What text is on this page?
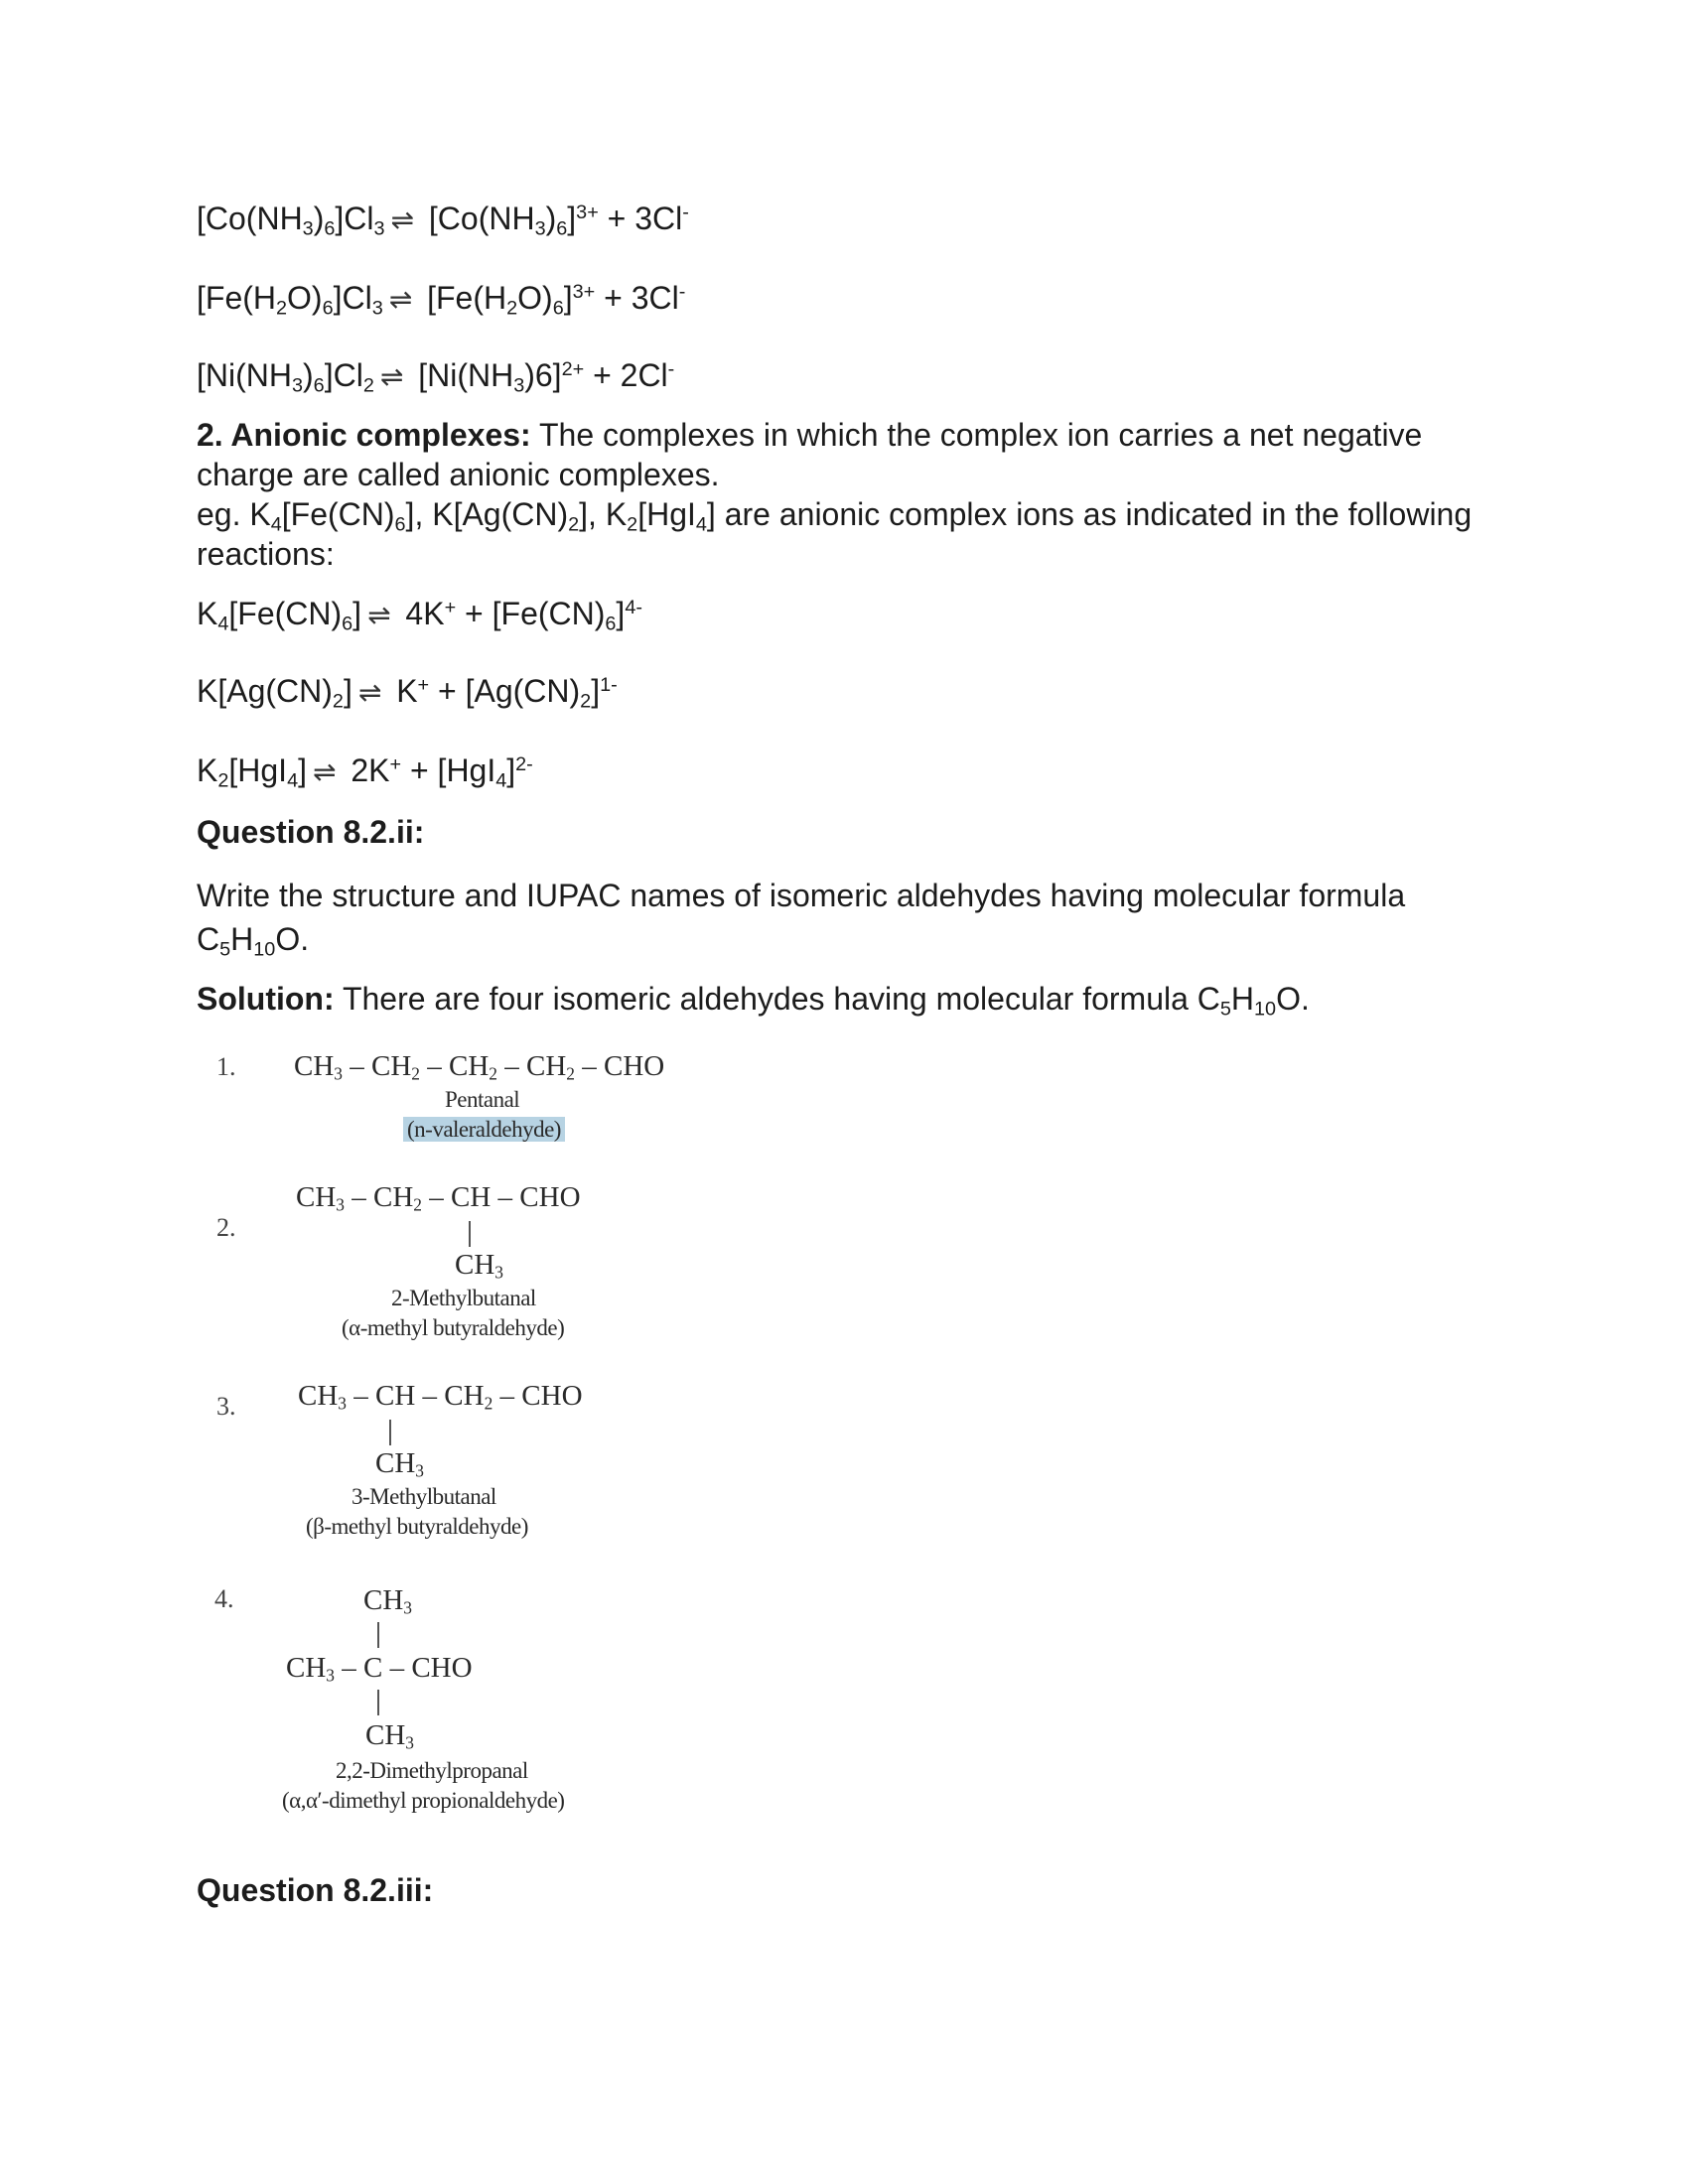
$[Co(NH_3)_6]Cl_3$ ⇌ $[Co(NH_3)_6]^{3+} + 3Cl^-$
$[Fe(H_2O)_6]Cl_3$ ⇌ $[Fe(H_2O)_6]^{3+} + 3Cl^-$
$[Ni(NH_3)_6]Cl_2$ ⇌ $[Ni(NH_3)6]^{2+} + 2Cl^-$
2. Anionic complexes: The complexes in which the complex ion carries a net negative charge are called anionic complexes.
eg. $K_4[Fe(CN)_6]$, $K[Ag(CN)_2]$, $K_2[HgI_4]$ are anionic complex ions as indicated in the following reactions:
$K_4[Fe(CN)_6]$ ⇌ $4K^+ + [Fe(CN)_6]^{4-}$
$K[Ag(CN)_2]$ ⇌ $K^+ + [Ag(CN)_2]^{1-}$
$K_2[HgI_4]$ ⇌ $2K^+ + [HgI_4]^{2-}$
Question 8.2.ii:
Write the structure and IUPAC names of isomeric aldehydes having molecular formula $C_5H_{10}O$.
Solution: There are four isomeric aldehydes having molecular formula $C_5H_{10}O$.
1. CH3 – CH2 – CH2 – CH2 – CHO
Pentanal
(n-valeraldehyde)
2.
CH3 – CH2 – CH – CHO
CH3
2-Methylbutanal
(α-methyl butyraldehyde)
3. CH3 – CH – CH2 – CHO
CH3
3-Methylbutanal
(β-methyl butyraldehyde)
4.	CH3
CH3 – C – CHO
CH3
2,2-Dimethylpropanal
(α,α′-dimethyl propionaldehyde)
Question 8.2.iii:
